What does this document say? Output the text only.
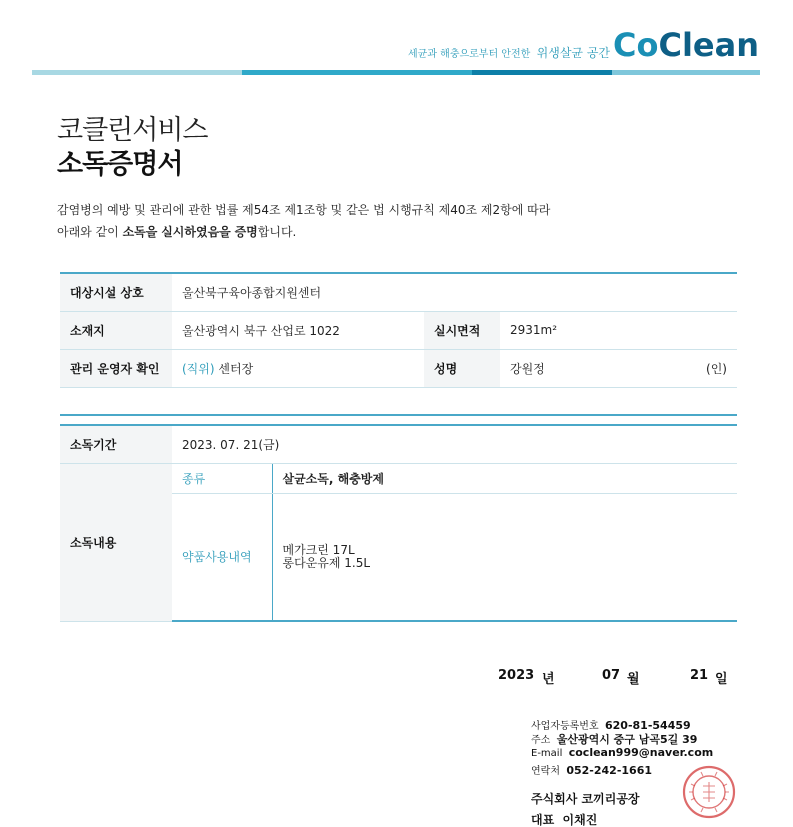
세균과 해충으로부터 안전한 위생살균 공간 CoClean
코클린서비스
소독증명서
감염병의 예방 및 관리에 관한 법률 제54조 제1조항 및 같은 법 시행규칙 제40조 제2항에 따라
아래와 같이 소독을 실시하였음을 증명합니다.
대상시설 상호	울산북구육아종합지원센터			
소재지	울산광역시 북구 산업로 1022	실시면적	2931m²	
관리 운영자 확인	(직위) 센터장	성명	강원정	(인)

소독기간	2023. 07. 21(금)	
소독내용	종류	살균소독, 해충방제
	약품사용내역	메가크린 17L
롱다운유제 1.5L
2023 년	07 월	21 일
사업자등록번호 620-81-54459
주소 울산광역시 중구 남곡5길 39
E-mail coclean999@naver.com
연락처 052-242-1661
주식회사 코끼리공장
대표 이채진
